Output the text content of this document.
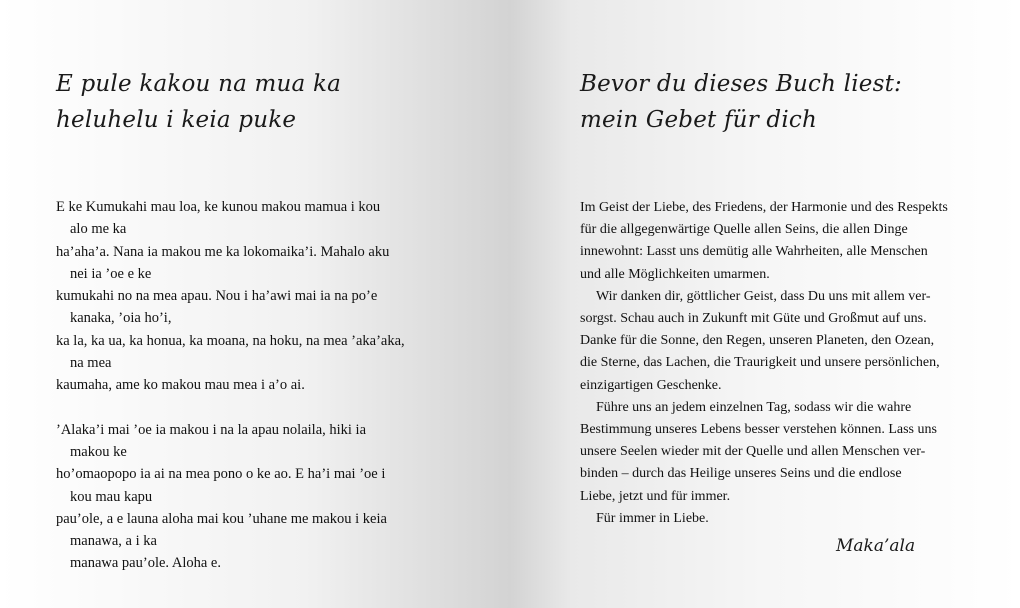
E pule kakou na mua ka
heluhelu i keia puke
E ke Kumukahi mau loa, ke kunou makou mamua i kou
alo me ka
ha’aha’a. Nana ia makou me ka lokomaika’i. Mahalo aku
nei ia ’oe e ke
kumukahi no na mea apau. Nou i ha’awi mai ia na po’e
kanaka, ’oia ho’i,
ka la, ka ua, ka honua, ka moana, na hoku, na mea ’aka’aka,
na mea
kaumaha, ame ko makou mau mea i a’o ai.
’Alaka’i mai ’oe ia makou i na la apau nolaila, hiki ia
makou ke
ho’omaopopo ia ai na mea pono o ke ao. E ha’i mai ’oe i
kou mau kapu
pau’ole, a e launa aloha mai kou ’uhane me makou i keia
manawa, a i ka
manawa pau’ole. Aloha e.
Bevor du dieses Buch liest:
mein Gebet für dich
Im Geist der Liebe, des Friedens, der Harmonie und des Respekts
für die allgegenwärtige Quelle allen Seins, die allen Dinge
innewohnt: Lasst uns demütig alle Wahrheiten, alle Menschen
und alle Möglichkeiten umarmen.
Wir danken dir, göttlicher Geist, dass Du uns mit allem ver-
sorgst. Schau auch in Zukunft mit Güte und Großmut auf uns.
Danke für die Sonne, den Regen, unseren Planeten, den Ozean,
die Sterne, das Lachen, die Traurigkeit und unsere persönlichen,
einzigartigen Geschenke.
Führe uns an jedem einzelnen Tag, sodass wir die wahre
Bestimmung unseres Lebens besser verstehen können. Lass uns
unsere Seelen wieder mit der Quelle und allen Menschen ver-
binden – durch das Heilige unseres Seins und die endlose
Liebe, jetzt und für immer.
Für immer in Liebe.
Maka’ala
